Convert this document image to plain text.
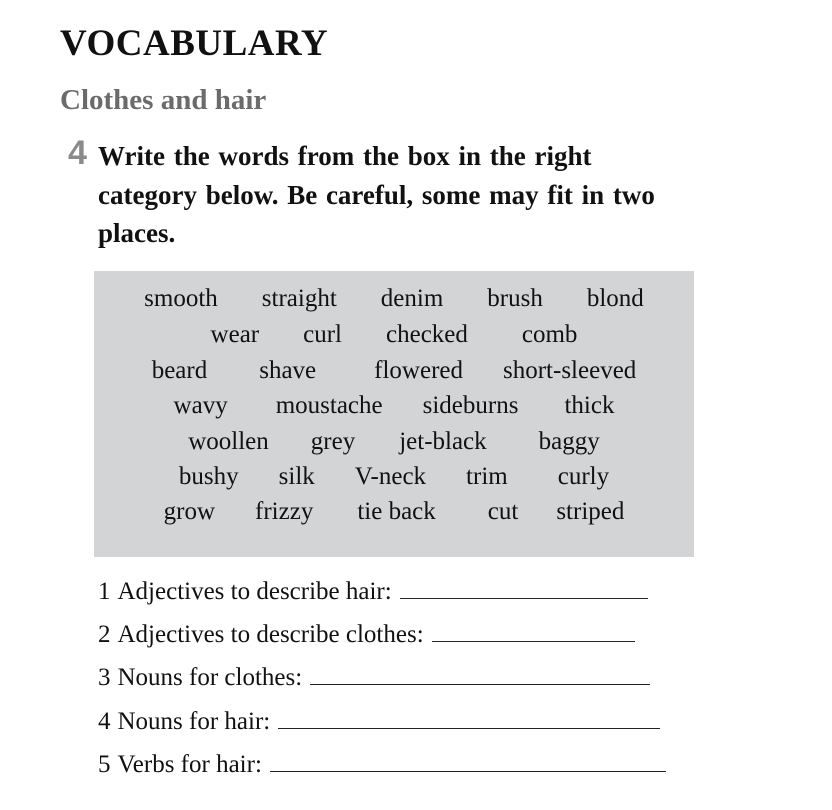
VOCABULARY
Clothes and hair
4 Write the words from the box in the right category below. Be careful, some may fit in two places.

smooth straight denim brush blond
wear curl checked comb
beard shave flowered short-sleeved
wavy moustache sideburns thick
woollen grey jet-black baggy
bushy silk V-neck trim curly
grow frizzy tie back cut striped
1 Adjectives to describe hair:
2 Adjectives to describe clothes:
3 Nouns for clothes:
4 Nouns for hair:
5 Verbs for hair:
